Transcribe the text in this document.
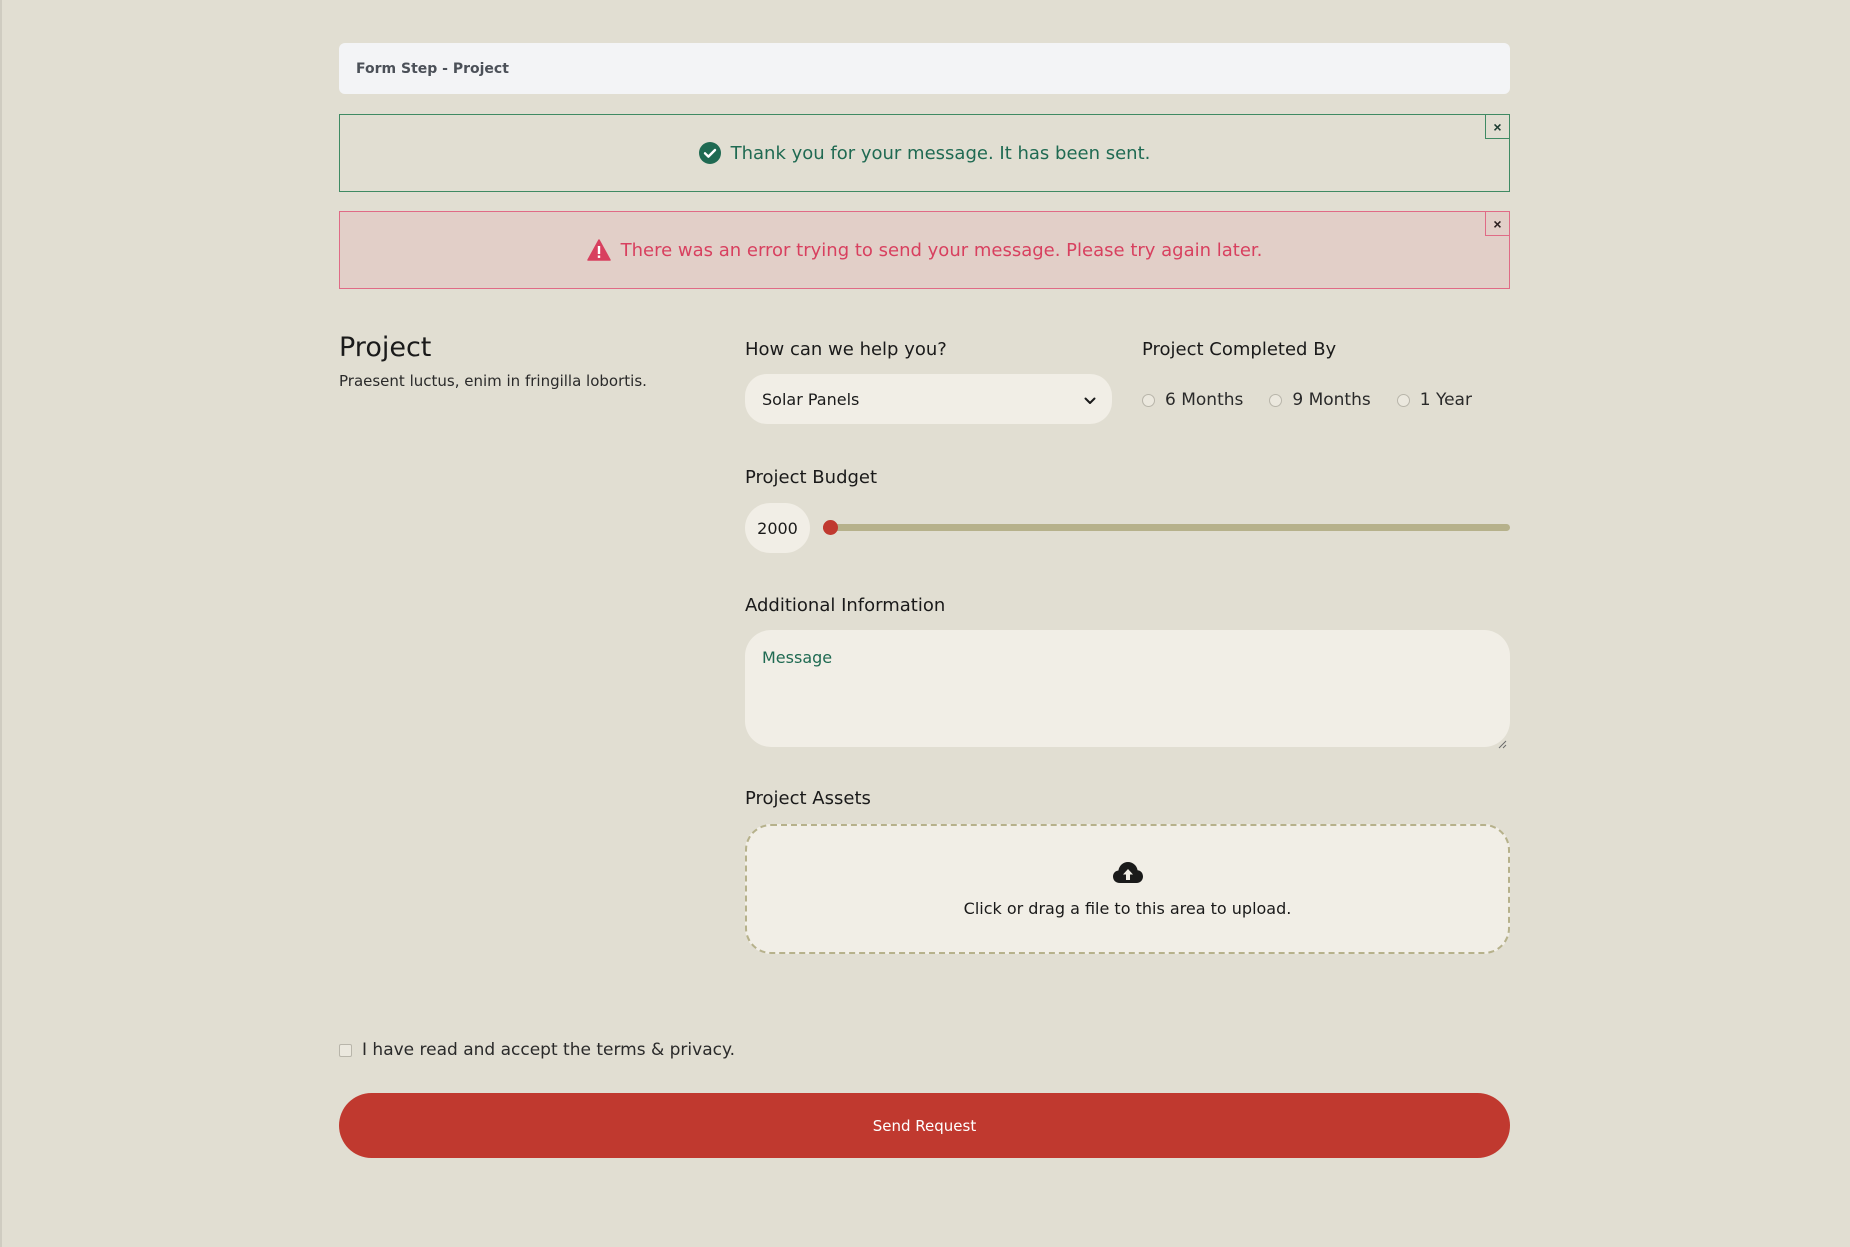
Form Step - Project
Thank you for your message. It has been sent.
×
There was an error trying to send your message. Please try again later.
×
Project
Praesent luctus, enim in fringilla lobortis.
How can we help you?
Solar Panels
Project Completed By
6 Months	9 Months	1 Year
Project Budget
2000
Additional Information
Message
Project Assets
Click or drag a file to this area to upload.
I have read and accept the terms & privacy.
Send Request
